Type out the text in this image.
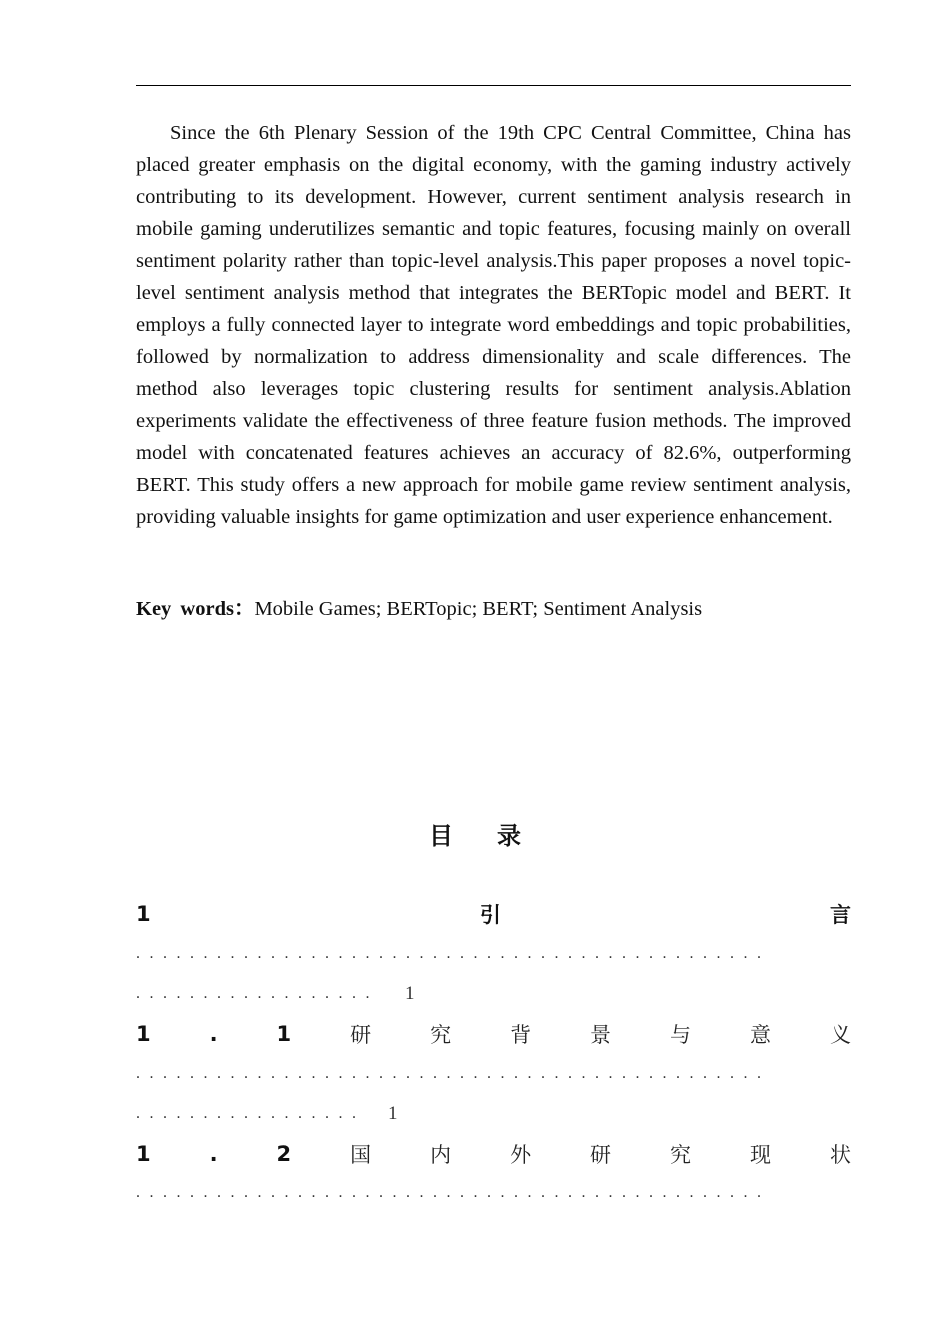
Since the 6th Plenary Session of the 19th CPC Central Committee, China has placed greater emphasis on the digital economy, with the gaming industry actively contributing to its development. However, current sentiment analysis research in mobile gaming underutilizes semantic and topic features, focusing mainly on overall sentiment polarity rather than topic-level analysis.This paper proposes a novel topic-level sentiment analysis method that integrates the BERTopic model and BERT. It employs a fully connected layer to integrate word embeddings and topic probabilities, followed by normalization to address dimensionality and scale differences. The method also leverages topic clustering results for sentiment analysis.Ablation experiments validate the effectiveness of three feature fusion methods. The improved model with concatenated features achieves an accuracy of 82.6%, outperforming BERT. This study offers a new approach for mobile game review sentiment analysis, providing valuable insights for game optimization and user experience enhancement.

Key words：Mobile Games; BERTopic; BERT; Sentiment Analysis
目录
1	引	言
...............................................
..................	1
1	.	1	研	究	背	景	与	意	义
...............................................
.................	1
1	.	2	国	内	外	研	究	现	状
...............................................
